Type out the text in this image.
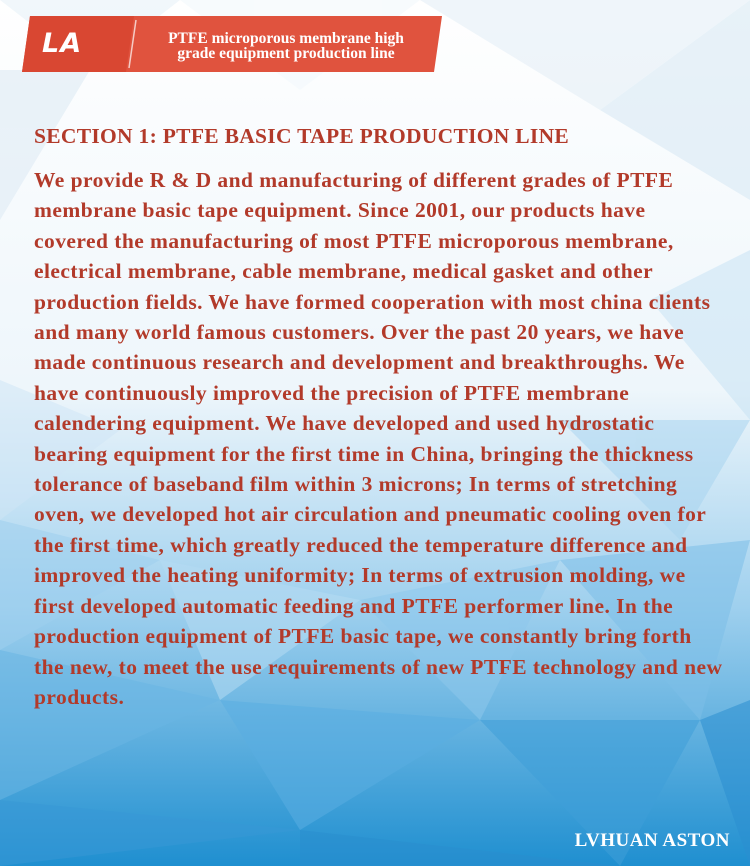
LA	PTFE microporous membrane high
grade equipment production line
SECTION 1: PTFE BASIC TAPE PRODUCTION LINE

We provide R & D and manufacturing of different grades of PTFE membrane basic tape equipment. Since 2001, our products have covered the manufacturing of most PTFE microporous membrane, electrical membrane, cable membrane, medical gasket and other production fields. We have formed cooperation with most china clients and many world famous customers. Over the past 20 years, we have made continuous research and development and breakthroughs. We have continuously improved the precision of PTFE membrane calendering equipment. We have developed and used hydrostatic bearing equipment for the first time in China, bringing the thickness tolerance of baseband film within 3 microns; In terms of stretching oven, we developed hot air circulation and pneumatic cooling oven for the first time, which greatly reduced the temperature difference and improved the heating uniformity; In terms of extrusion molding, we first developed automatic feeding and PTFE performer line. In the production equipment of PTFE basic tape, we constantly bring forth the new, to meet the use requirements of new PTFE technology and new products.

LVHUAN ASTON
